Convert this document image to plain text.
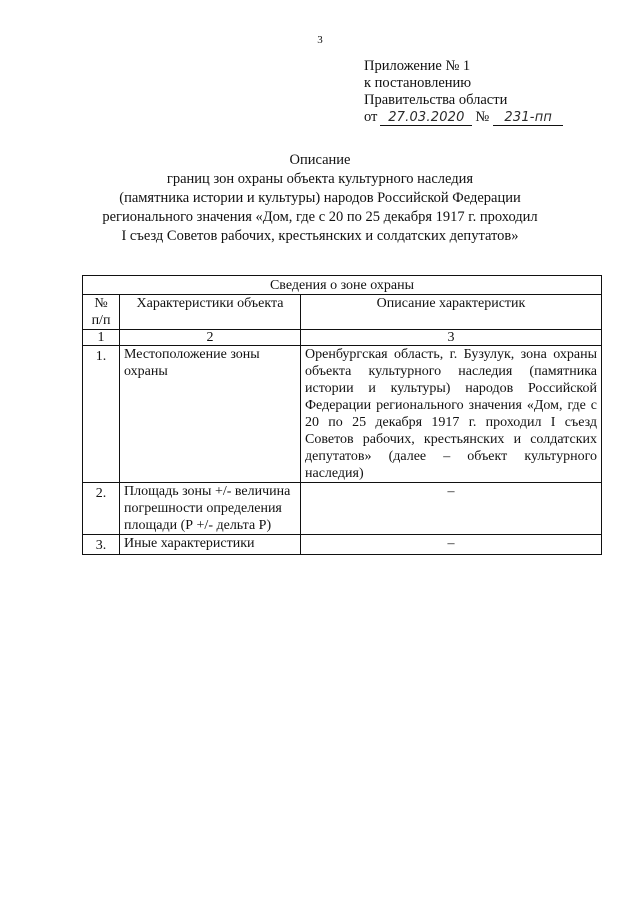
3
Приложение № 1
к постановлению
Правительства области
от 27.03.2020 №	231-пп
Описание
границ зон охраны объекта культурного наследия
(памятника истории и культуры) народов Российской Федерации
регионального значения «Дом, где с 20 по 25 декабря 1917 г. проходил
I съезд Советов рабочих, крестьянских и солдатских депутатов»
Сведения о зоне охраны		
№ п/п	Характеристики объекта	Описание характеристик
1	2	3
1.	Местоположение зоны охраны	Оренбургская область, г. Бузулук, зона охраны объекта культурного наследия (памятника истории и культуры) народов Российской Федерации регионального значения «Дом, где с 20 по 25 декабря 1917 г. проходил I съезд Советов рабочих, крестьянских и солдатских депутатов» (далее – объект культурного наследия)
2.	Площадь зоны +/- величина погрешности определения площади (Р +/- дельта Р)	–
3.	Иные характеристики	–
